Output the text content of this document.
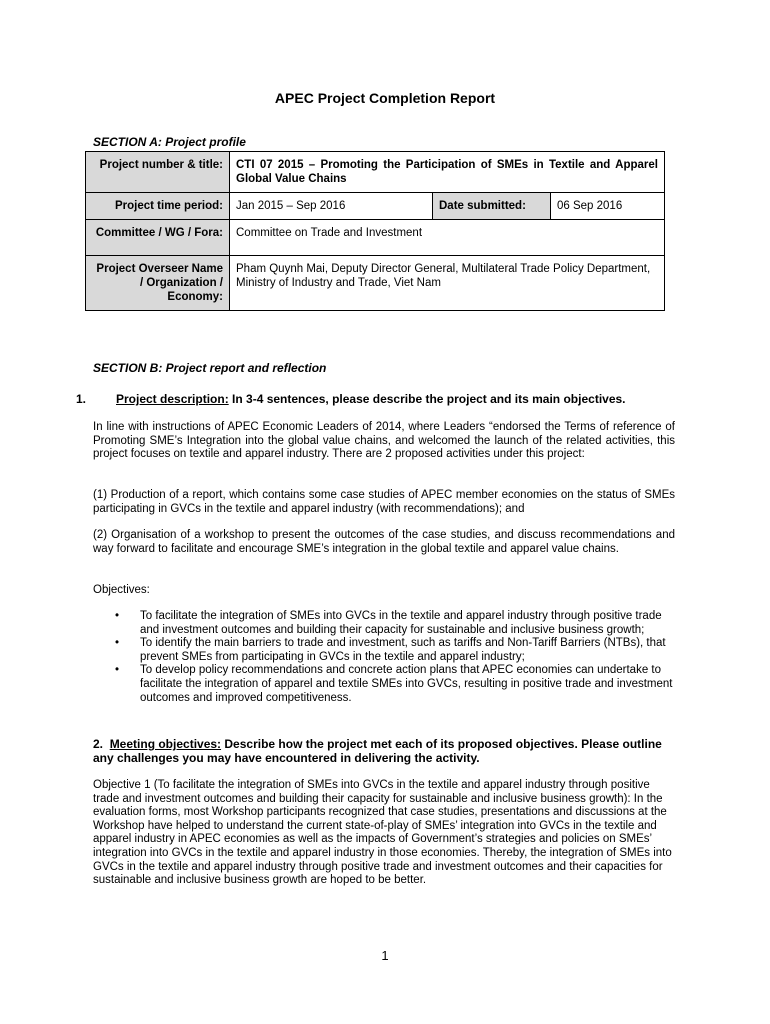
APEC Project Completion Report
SECTION A: Project profile
Project number & title:	CTI 07 2015 – Promoting the Participation of SMEs in Textile and Apparel Global Value Chains		
Project time period:	Jan 2015 – Sep 2016	Date submitted:	06 Sep 2016
Committee / WG / Fora:	Committee on Trade and Investment		
Project Overseer Name / Organization / Economy:	Pham Quynh Mai, Deputy Director General, Multilateral Trade Policy Department, Ministry of Industry and Trade, Viet Nam		
SECTION B: Project report and reflection
1. Project description: In 3-4 sentences, please describe the project and its main objectives.

In line with instructions of APEC Economic Leaders of 2014, where Leaders “endorsed the Terms of reference of Promoting SME’s Integration into the global value chains, and welcomed the launch of the related activities, this project focuses on textile and apparel industry. There are 2 proposed activities under this project:

(1) Production of a report, which contains some case studies of APEC member economies on the status of SMEs participating in GVCs in the textile and apparel industry (with recommendations); and

(2) Organisation of a workshop to present the outcomes of the case studies, and discuss recommendations and way forward to facilitate and encourage SME’s integration in the global textile and apparel value chains.

Objectives:

• To facilitate the integration of SMEs into GVCs in the textile and apparel industry through positive trade and investment outcomes and building their capacity for sustainable and inclusive business growth;
• To identify the main barriers to trade and investment, such as tariffs and Non-Tariff Barriers (NTBs), that prevent SMEs from participating in GVCs in the textile and apparel industry;
• To develop policy recommendations and concrete action plans that APEC economies can undertake to facilitate the integration of apparel and textile SMEs into GVCs, resulting in positive trade and investment outcomes and improved competitiveness.
2. Meeting objectives: Describe how the project met each of its proposed objectives. Please outline any challenges you may have encountered in delivering the activity.

Objective 1 (To facilitate the integration of SMEs into GVCs in the textile and apparel industry through positive trade and investment outcomes and building their capacity for sustainable and inclusive business growth): In the evaluation forms, most Workshop participants recognized that case studies, presentations and discussions at the Workshop have helped to understand the current state-of-play of SMEs’ integration into GVCs in the textile and apparel industry in APEC economies as well as the impacts of Government’s strategies and policies on SMEs’ integration into GVCs in the textile and apparel industry in those economies. Thereby, the integration of SMEs into GVCs in the textile and apparel industry through positive trade and investment outcomes and their capacities for sustainable and inclusive business growth are hoped to be better.

1
